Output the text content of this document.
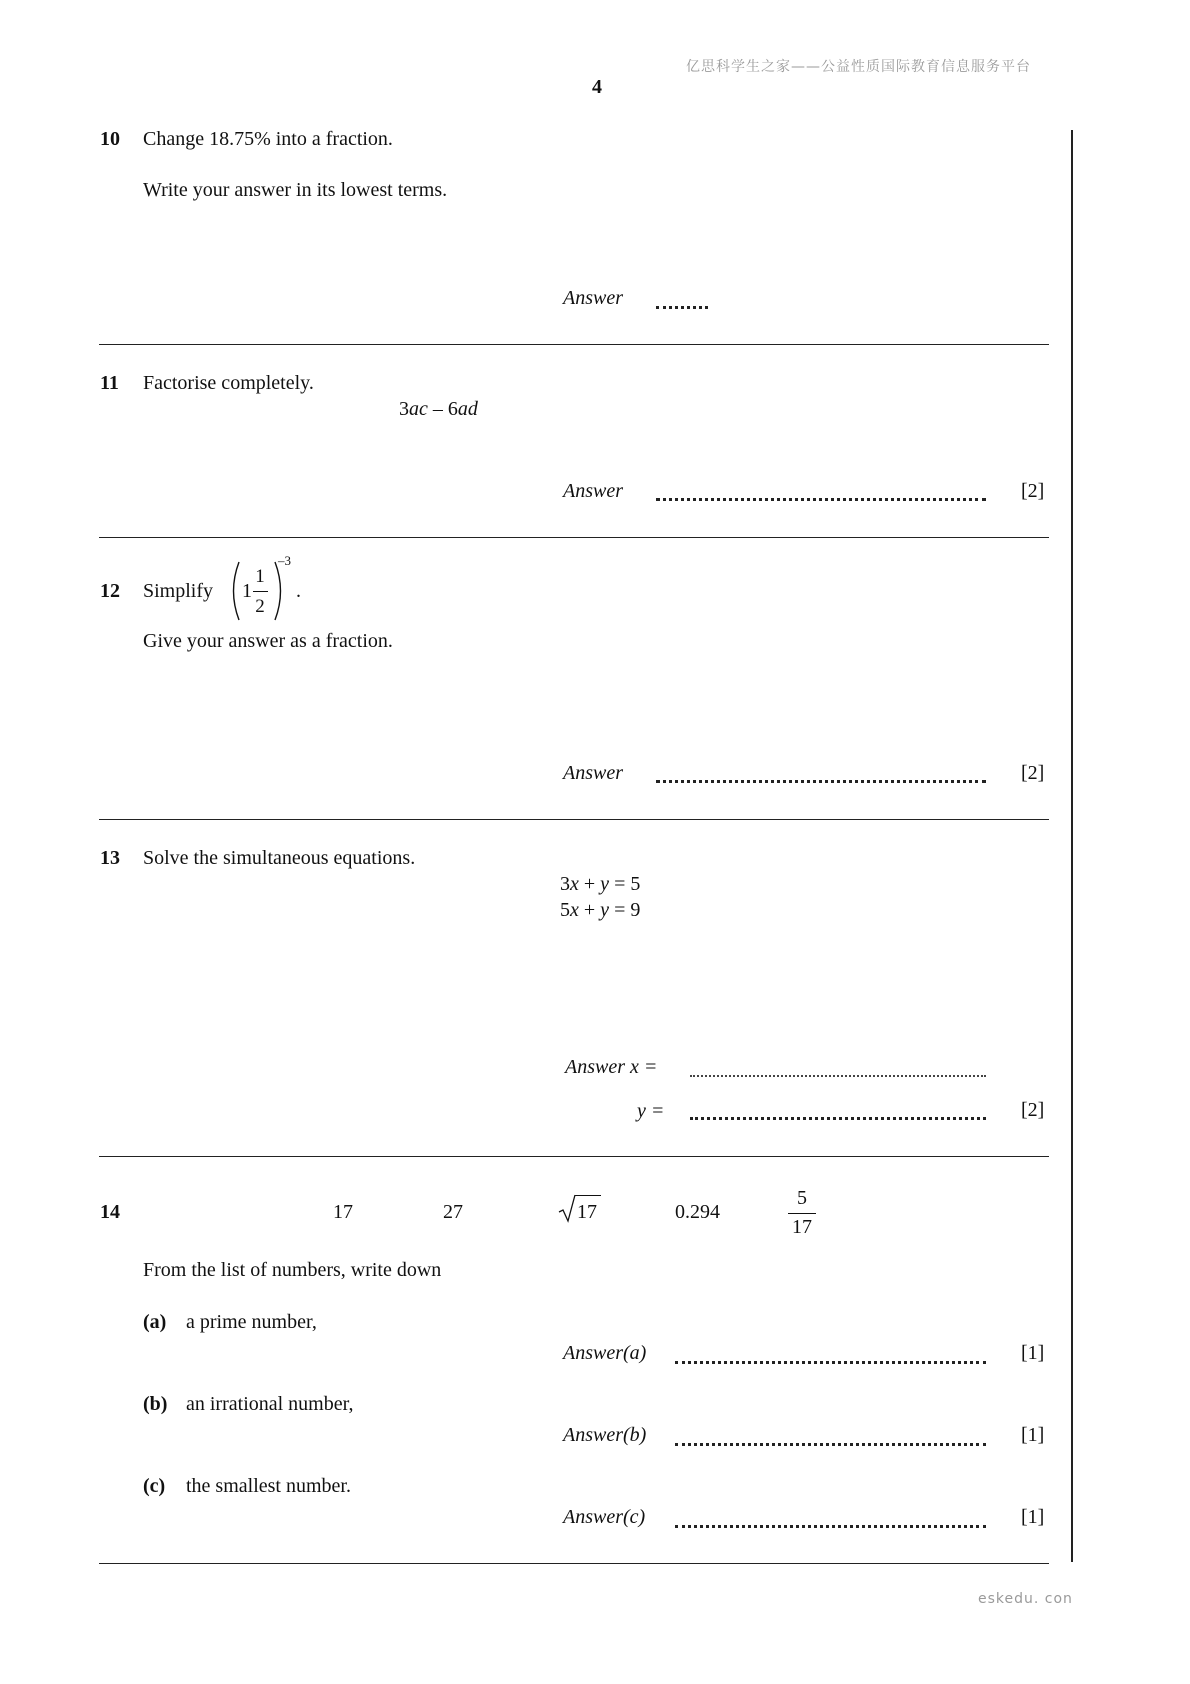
亿思科学生之家——公益性质国际教育信息服务平台
4
10 Change 18.75% into a fraction.
Write your answer in its lowest terms.
Answer
11 Factorise completely.
3ac – 6ad
Answer	[2]
12 Simplify 1
1
2
–3
.
Give your answer as a fraction.
Answer	[2]
13 Solve the simultaneous equations.
3x + y = 5
5x + y = 9
Answer x =
y =	[2]
14	17	27	17	0.294
5
17
From the list of numbers, write down
(a) a prime number,
Answer(a)	[1]
(b) an irrational number,
Answer(b)	[1]
(c) the smallest number.
Answer(c)	[1]
eskedu. con
